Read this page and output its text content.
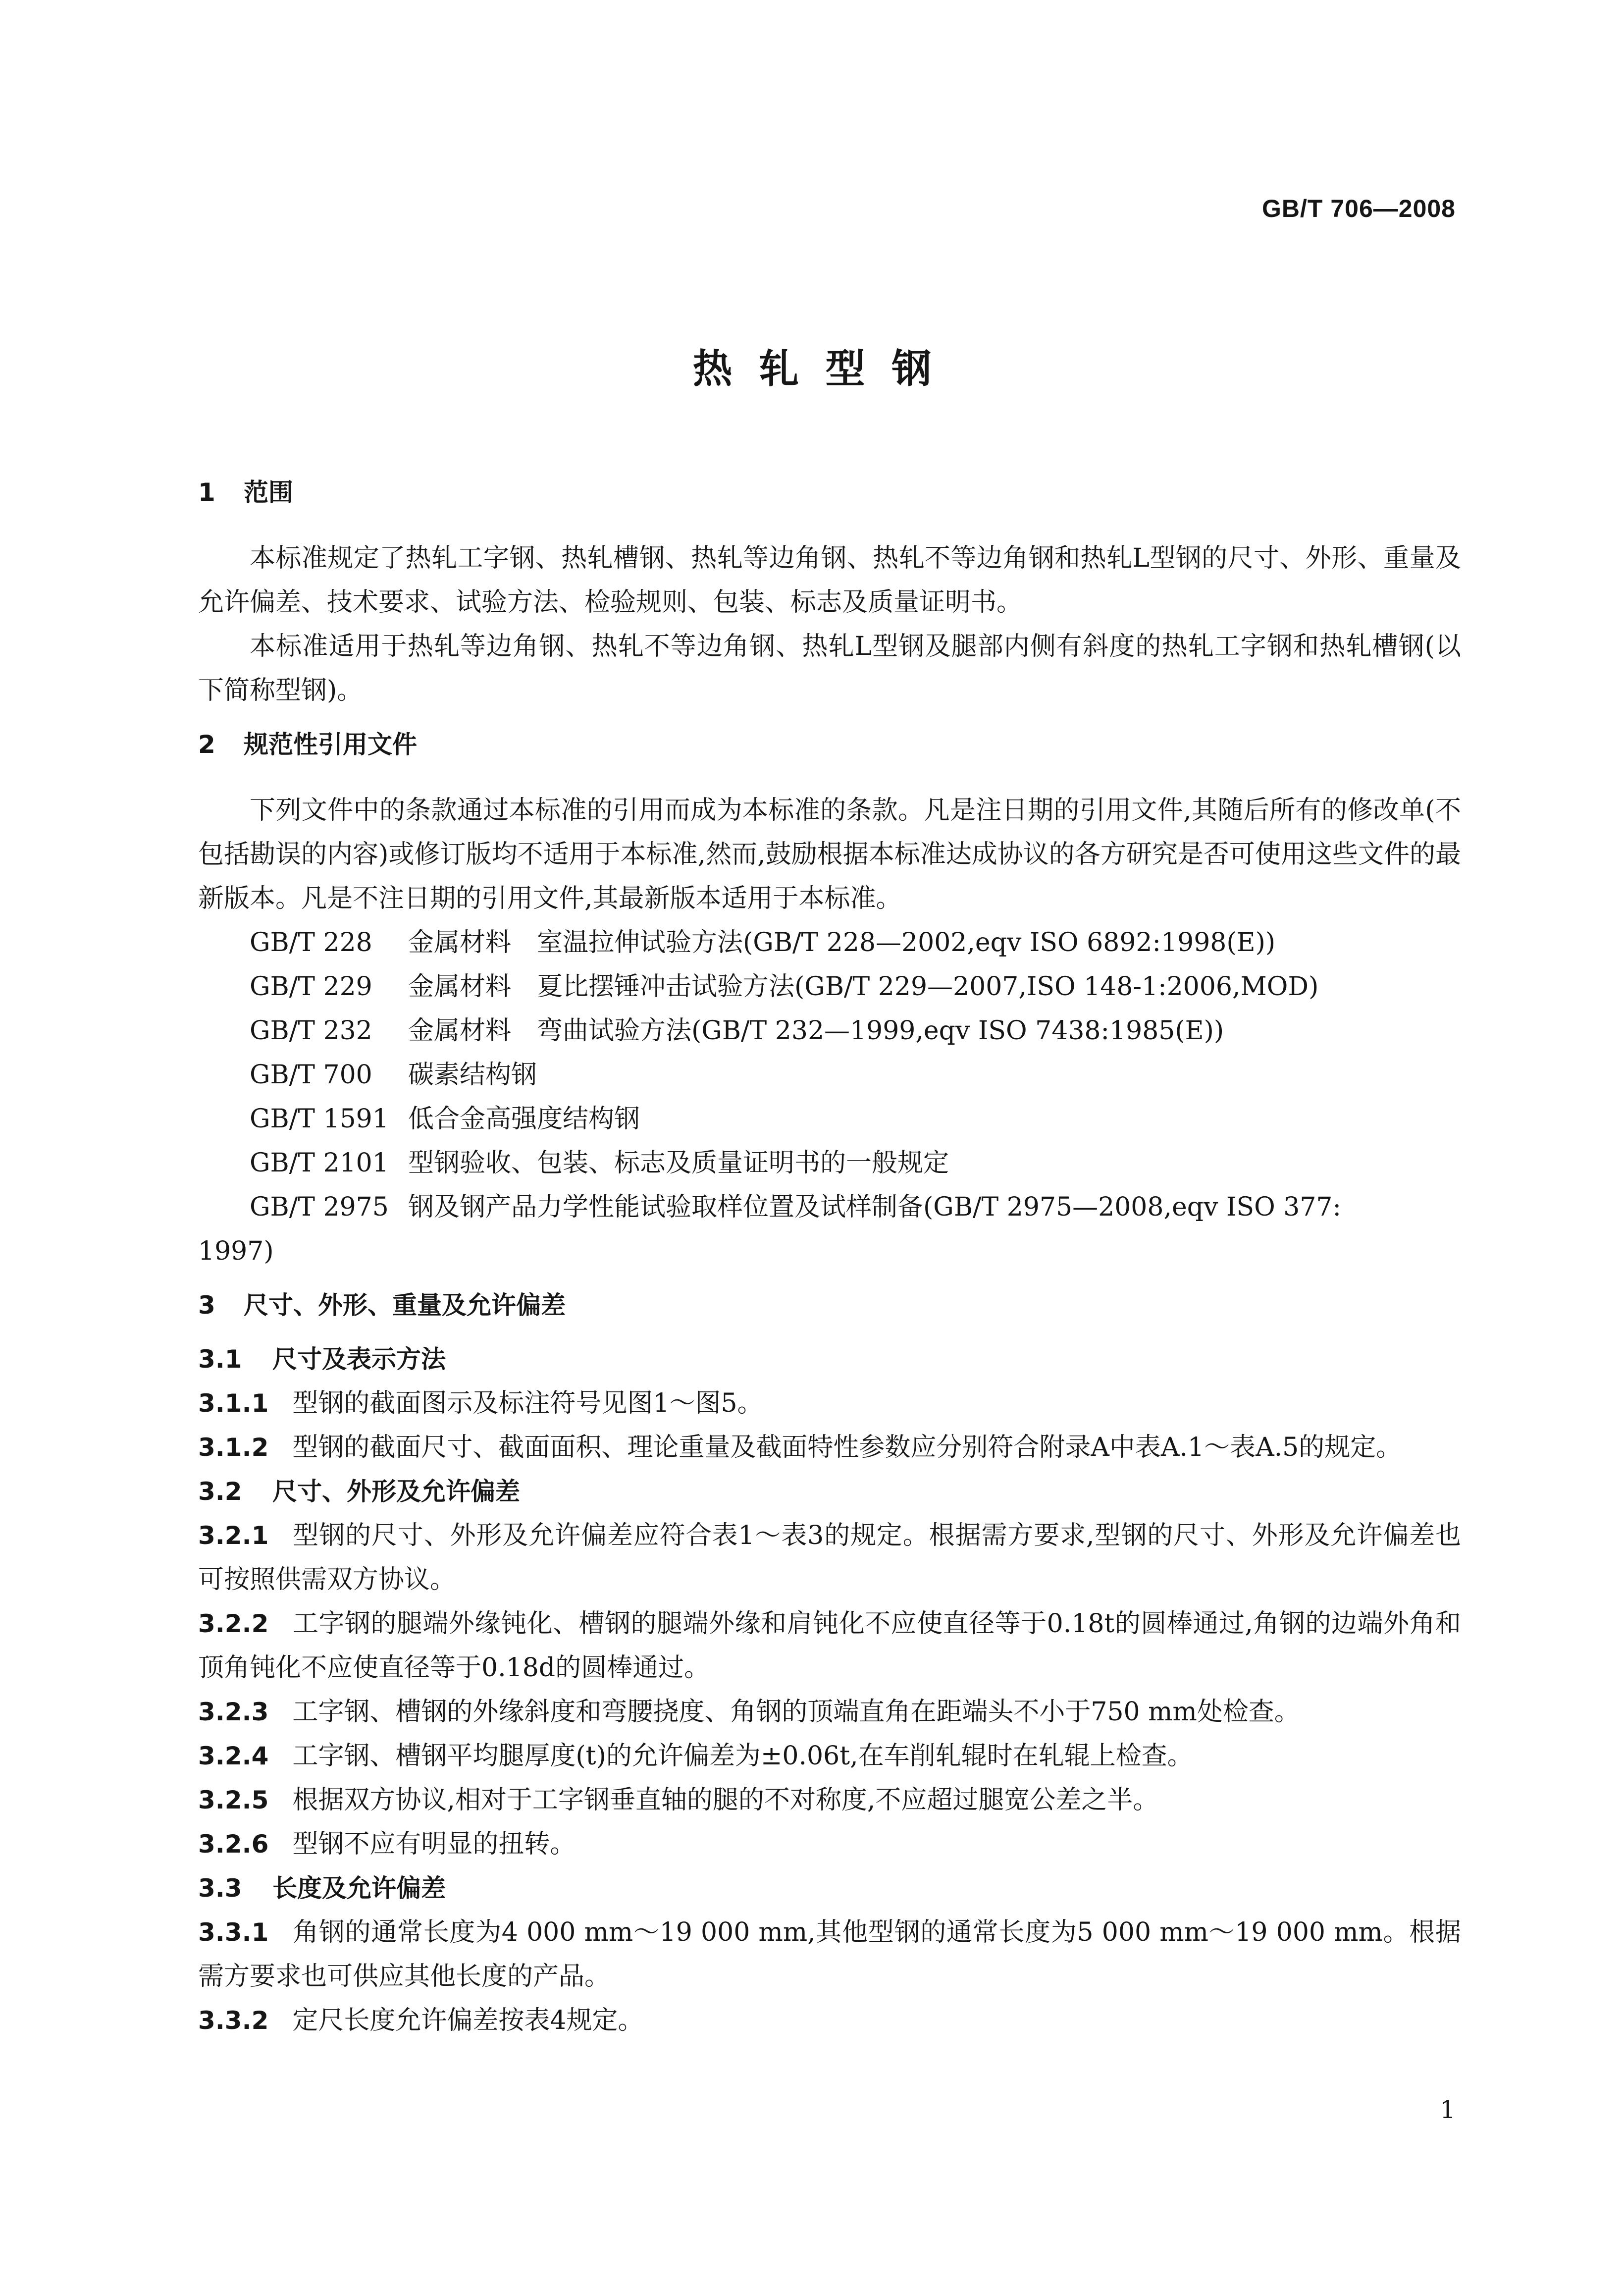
GB/T 706—2008
热轧型钢
1 范围

本标准规定了热轧工字钢、热轧槽钢、热轧等边角钢、热轧不等边角钢和热轧L型钢的尺寸、外形、重量及允许偏差、技术要求、试验方法、检验规则、包装、标志及质量证明书。

本标准适用于热轧等边角钢、热轧不等边角钢、热轧L型钢及腿部内侧有斜度的热轧工字钢和热轧槽钢(以下简称型钢)。

2 规范性引用文件

下列文件中的条款通过本标准的引用而成为本标准的条款。凡是注日期的引用文件,其随后所有的修改单(不包括勘误的内容)或修订版均不适用于本标准,然而,鼓励根据本标准达成协议的各方研究是否可使用这些文件的最新版本。凡是不注日期的引用文件,其最新版本适用于本标准。

GB/T 228 金属材料　室温拉伸试验方法(GB/T 228—2002,eqv ISO 6892:1998(E))

GB/T 229 金属材料　夏比摆锤冲击试验方法(GB/T 229—2007,ISO 148-1:2006,MOD)

GB/T 232 金属材料　弯曲试验方法(GB/T 232—1999,eqv ISO 7438:1985(E))

GB/T 700 碳素结构钢

GB/T 1591 低合金高强度结构钢

GB/T 2101 型钢验收、包装、标志及质量证明书的一般规定

GB/T 2975 钢及钢产品力学性能试验取样位置及试样制备(GB/T 2975—2008,eqv ISO 377:

1997)

3 尺寸、外形、重量及允许偏差
3.1 尺寸及表示方法

3.1.1 型钢的截面图示及标注符号见图1～图5。

3.1.2 型钢的截面尺寸、截面面积、理论重量及截面特性参数应分别符合附录A中表A.1～表A.5的规定。

3.2 尺寸、外形及允许偏差

3.2.1 型钢的尺寸、外形及允许偏差应符合表1～表3的规定。根据需方要求,型钢的尺寸、外形及允许偏差也可按照供需双方协议。

3.2.2 工字钢的腿端外缘钝化、槽钢的腿端外缘和肩钝化不应使直径等于0.18t的圆棒通过,角钢的边端外角和顶角钝化不应使直径等于0.18d的圆棒通过。

3.2.3 工字钢、槽钢的外缘斜度和弯腰挠度、角钢的顶端直角在距端头不小于750 mm处检查。

3.2.4 工字钢、槽钢平均腿厚度(t)的允许偏差为±0.06t,在车削轧辊时在轧辊上检查。

3.2.5 根据双方协议,相对于工字钢垂直轴的腿的不对称度,不应超过腿宽公差之半。

3.2.6 型钢不应有明显的扭转。

3.3 长度及允许偏差

3.3.1 角钢的通常长度为4 000 mm～19 000 mm,其他型钢的通常长度为5 000 mm～19 000 mm。根据需方要求也可供应其他长度的产品。

3.3.2 定尺长度允许偏差按表4规定。

1
